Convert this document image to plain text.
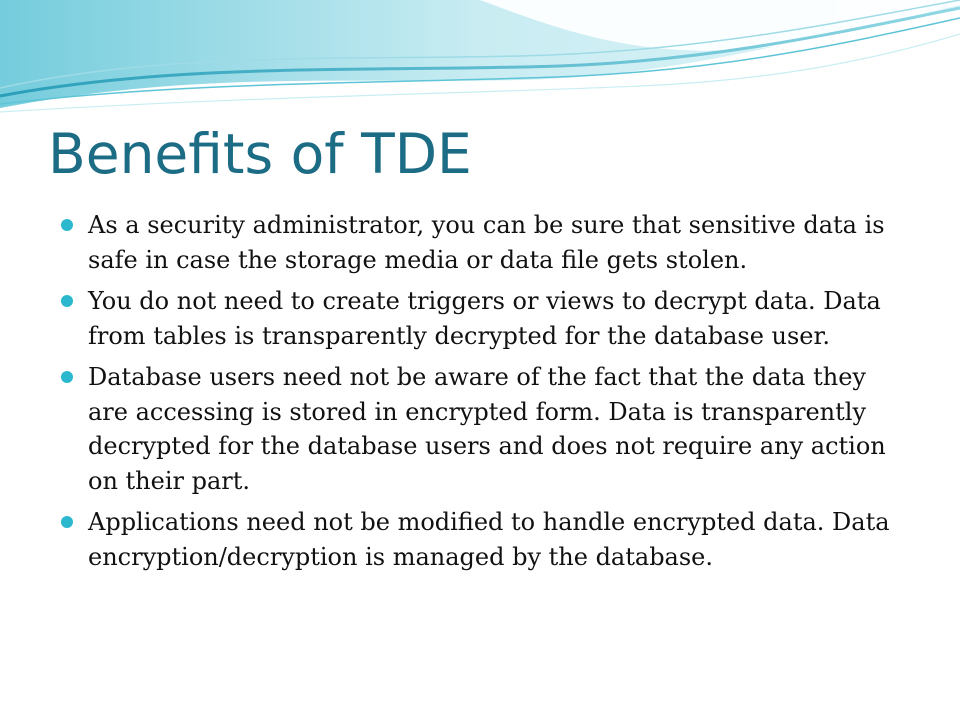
Benefits of TDE
As a security administrator, you can be sure that sensitive data is safe in case the storage media or data file gets stolen.
You do not need to create triggers or views to decrypt data. Data from tables is transparently decrypted for the database user.
Database users need not be aware of the fact that the data they are accessing is stored in encrypted form. Data is transparently decrypted for the database users and does not require any action on their part.
Applications need not be modified to handle encrypted data. Data encryption/decryption is managed by the database.
